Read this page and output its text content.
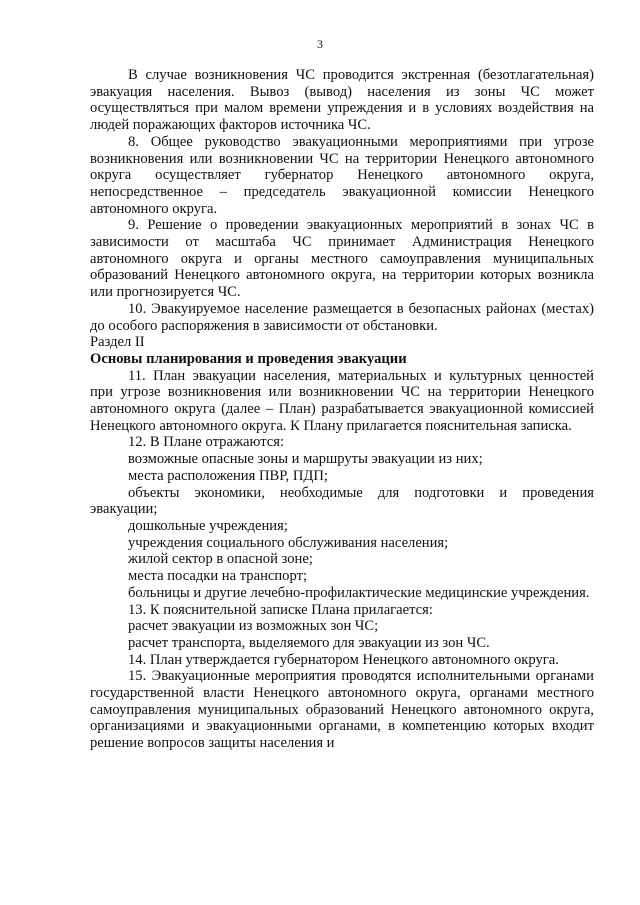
3

В случае возникновения ЧС проводится экстренная (безотлагательная) эвакуация населения. Вывоз (вывод) населения из зоны ЧС может осуществляться при малом времени упреждения и в условиях воздействия на людей поражающих факторов источника ЧС.

8. Общее руководство эвакуационными мероприятиями при угрозе возникновения или возникновении ЧС на территории Ненецкого автономного округа осуществляет губернатор Ненецкого автономного округа, непосредственное – председатель эвакуационной комиссии Ненецкого автономного округа.

9. Решение о проведении эвакуационных мероприятий в зонах ЧС в зависимости от масштаба ЧС принимает Администрация Ненецкого автономного округа и органы местного самоуправления муниципальных образований Ненецкого автономного округа, на территории которых возникла или прогнозируется ЧС.

10. Эвакуируемое население размещается в безопасных районах (местах) до особого распоряжения в зависимости от обстановки.

Раздел II

Основы планирования и проведения эвакуации

11. План эвакуации населения, материальных и культурных ценностей при угрозе возникновения или возникновении ЧС на территории Ненецкого автономного округа (далее – План) разрабатывается эвакуационной комиссией Ненецкого автономного округа. К Плану прилагается пояснительная записка.

12. В Плане отражаются:

возможные опасные зоны и маршруты эвакуации из них;

места расположения ПВР, ПДП;

объекты экономики, необходимые для подготовки и проведения эвакуации;

дошкольные учреждения;

учреждения социального обслуживания населения;

жилой сектор в опасной зоне;

места посадки на транспорт;

больницы и другие лечебно-профилактические медицинские учреждения.

13. К пояснительной записке Плана прилагается:

расчет эвакуации из возможных зон ЧС;

расчет транспорта, выделяемого для эвакуации из зон ЧС.

14. План утверждается губернатором Ненецкого автономного округа.

15. Эвакуационные мероприятия проводятся исполнительными органами государственной власти Ненецкого автономного округа, органами местного самоуправления муниципальных образований Ненецкого автономного округа, организациями и эвакуационными органами, в компетенцию которых входит решение вопросов защиты населения и
